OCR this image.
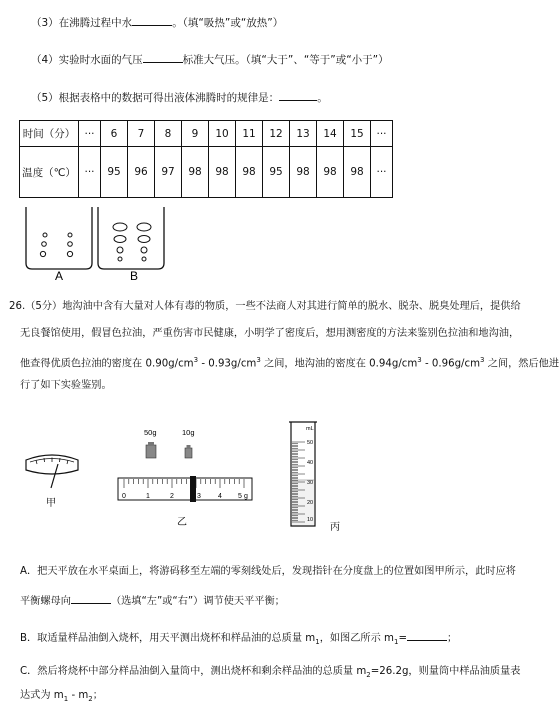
（3）在沸腾过程中水	。（填“吸热”或“放热”）
（4）实验时水面的气压	标准大气压。（填“大于”、“等于”或“小于”）
（5）根据表格中的数据可得出液体沸腾时的规律是：	。
时间（分）	···	6	7	8	9	10	11	12	13	14	15	···
温度（℃）	···	95	96	97	98	98	98	95	98	98	98	···
A	B
26.（5分）地沟油中含有大量对人体有毒的物质，一些不法商人对其进行简单的脱水、脱杂、脱臭处理后，提供给
无良餐馆使用，假冒色拉油，严重伤害市民健康，小明学了密度后，想用测密度的方法来鉴别色拉油和地沟油，
他查得优质色拉油的密度在 $0.90g/cm^3 - 0.93g/cm^3$ 之间，地沟油的密度在 $0.94g/cm^3 - 0.96g/cm^3$ 之间，然后他进
行了如下实验鉴别。
甲
50g	10g
0	1	2	3 4 5 g
乙
mL
50
40
30
20
10
丙
A．把天平放在水平桌面上，将游码移至左端的零刻线处后，发现指针在分度盘上的位置如图甲所示，此时应将
平衡螺母向	（选填“左”或“右”）调节使天平平衡；
B．取适量样品油倒入烧杯，用天平测出烧杯和样品油的总质量 $m_1$，如图乙所示 $m_1=$	；
C．然后将烧杯中部分样品油倒入量筒中，测出烧杯和剩余样品油的总质量 $m_2=26.2g$，则量筒中样品油质量表
达式为 $m_1 - m_2$；
